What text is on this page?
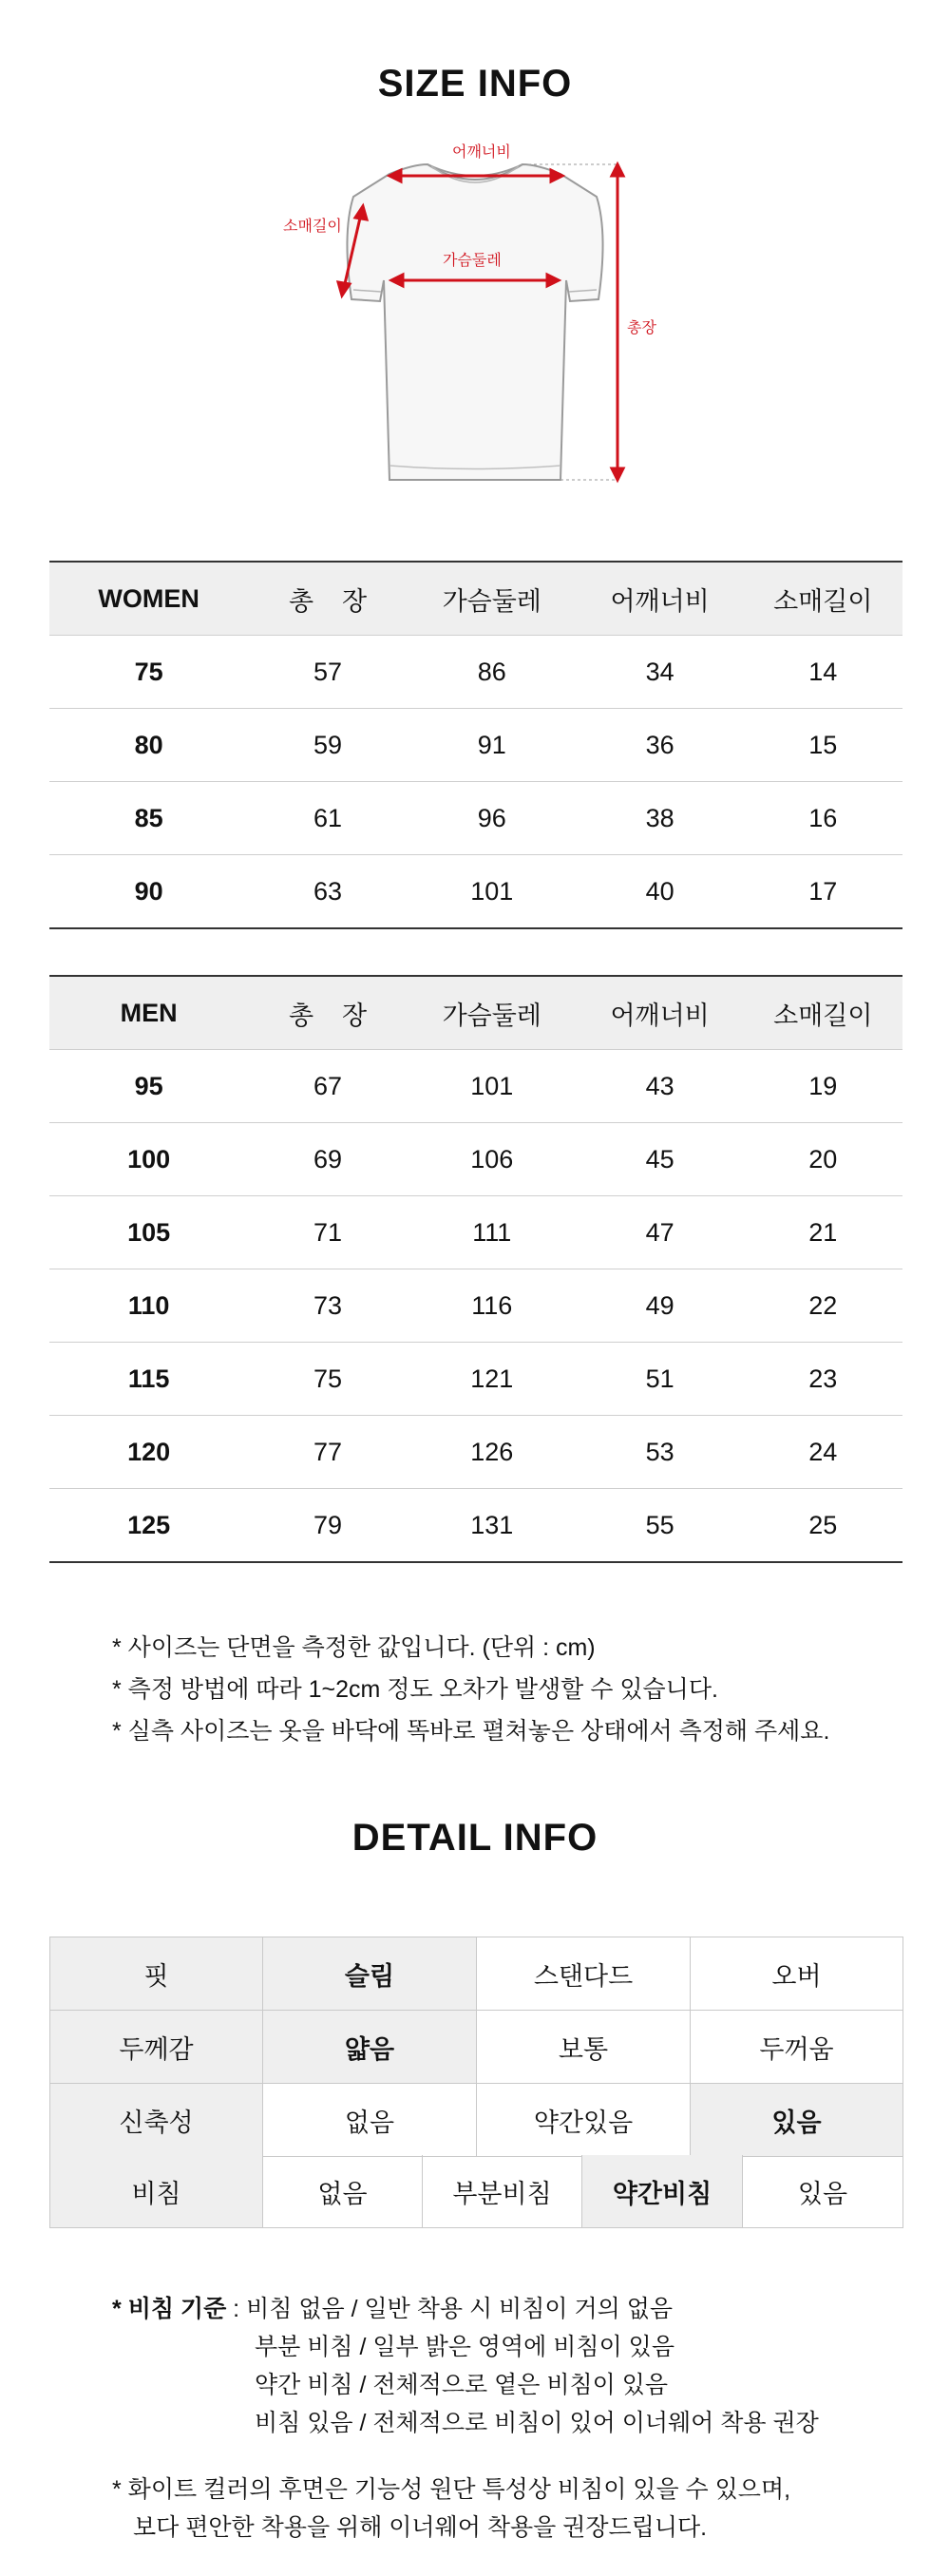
SIZE INFO
어깨너비
소매길이
가슴둘레
총장
WOMEN	총    장	가슴둘레	어깨너비	소매길이
75	57	86	34	14
80	59	91	36	15
85	61	96	38	16
90	63	101	40	17
MEN	총    장	가슴둘레	어깨너비	소매길이
95	67	101	43	19
100	69	106	45	20
105	71	111	47	21
110	73	116	49	22
115	75	121	51	23
120	77	126	53	24
125	79	131	55	25
* 사이즈는 단면을 측정한 값입니다. (단위 : cm)
* 측정 방법에 따라 1~2cm 정도 오차가 발생할 수 있습니다.
* 실측 사이즈는 옷을 바닥에 똑바로 펼쳐놓은 상태에서 측정해 주세요.
DETAIL INFO
핏	슬림	스탠다드	오버
두께감	얇음	보통	두꺼움
신축성	없음	약간있음	있음
비침	없음	부분비침	약간비침	있음
* 비침 기준 : 비침 없음 / 일반 착용 시 비침이 거의 없음
부분 비침 / 일부 밝은 영역에 비침이 있음
약간 비침 / 전체적으로 옅은 비침이 있음
비침 있음 / 전체적으로 비침이 있어 이너웨어 착용 권장
* 화이트 컬러의 후면은 기능성 원단 특성상 비침이 있을 수 있으며,
보다 편안한 착용을 위해 이너웨어 착용을 권장드립니다.
